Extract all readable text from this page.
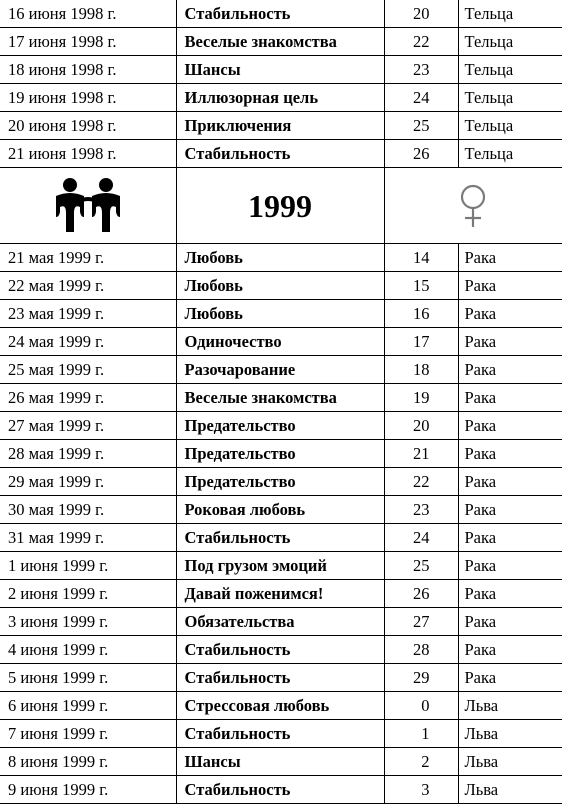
16 июня 1998 г.	Стабильность	20	Тельца
17 июня 1998 г.	Веселые знакомства	22	Тельца
18 июня 1998 г.	Шансы	23	Тельца
19 июня 1998 г.	Иллюзорная цель	24	Тельца
20 июня 1998 г.	Приключения	25	Тельца
21 июня 1998 г.	Стабильность	26	Тельца

	1999	

21 мая 1999 г.	Любовь	14	Рака
22 мая 1999 г.	Любовь	15	Рака
23 мая 1999 г.	Любовь	16	Рака
24 мая 1999 г.	Одиночество	17	Рака
25 мая 1999 г.	Разочарование	18	Рака
26 мая 1999 г.	Веселые знакомства	19	Рака
27 мая 1999 г.	Предательство	20	Рака
28 мая 1999 г.	Предательство	21	Рака
29 мая 1999 г.	Предательство	22	Рака
30 мая 1999 г.	Роковая любовь	23	Рака
31 мая 1999 г.	Стабильность	24	Рака
1 июня 1999 г.	Под грузом эмоций	25	Рака
2 июня 1999 г.	Давай поженимся!	26	Рака
3 июня 1999 г.	Обязательства	27	Рака
4 июня 1999 г.	Стабильность	28	Рака
5 июня 1999 г.	Стабильность	29	Рака
6 июня 1999 г.	Стрессовая любовь	0	Льва
7 июня 1999 г.	Стабильность	1	Льва
8 июня 1999 г.	Шансы	2	Льва
9 июня 1999 г.	Стабильность	3	Льва
